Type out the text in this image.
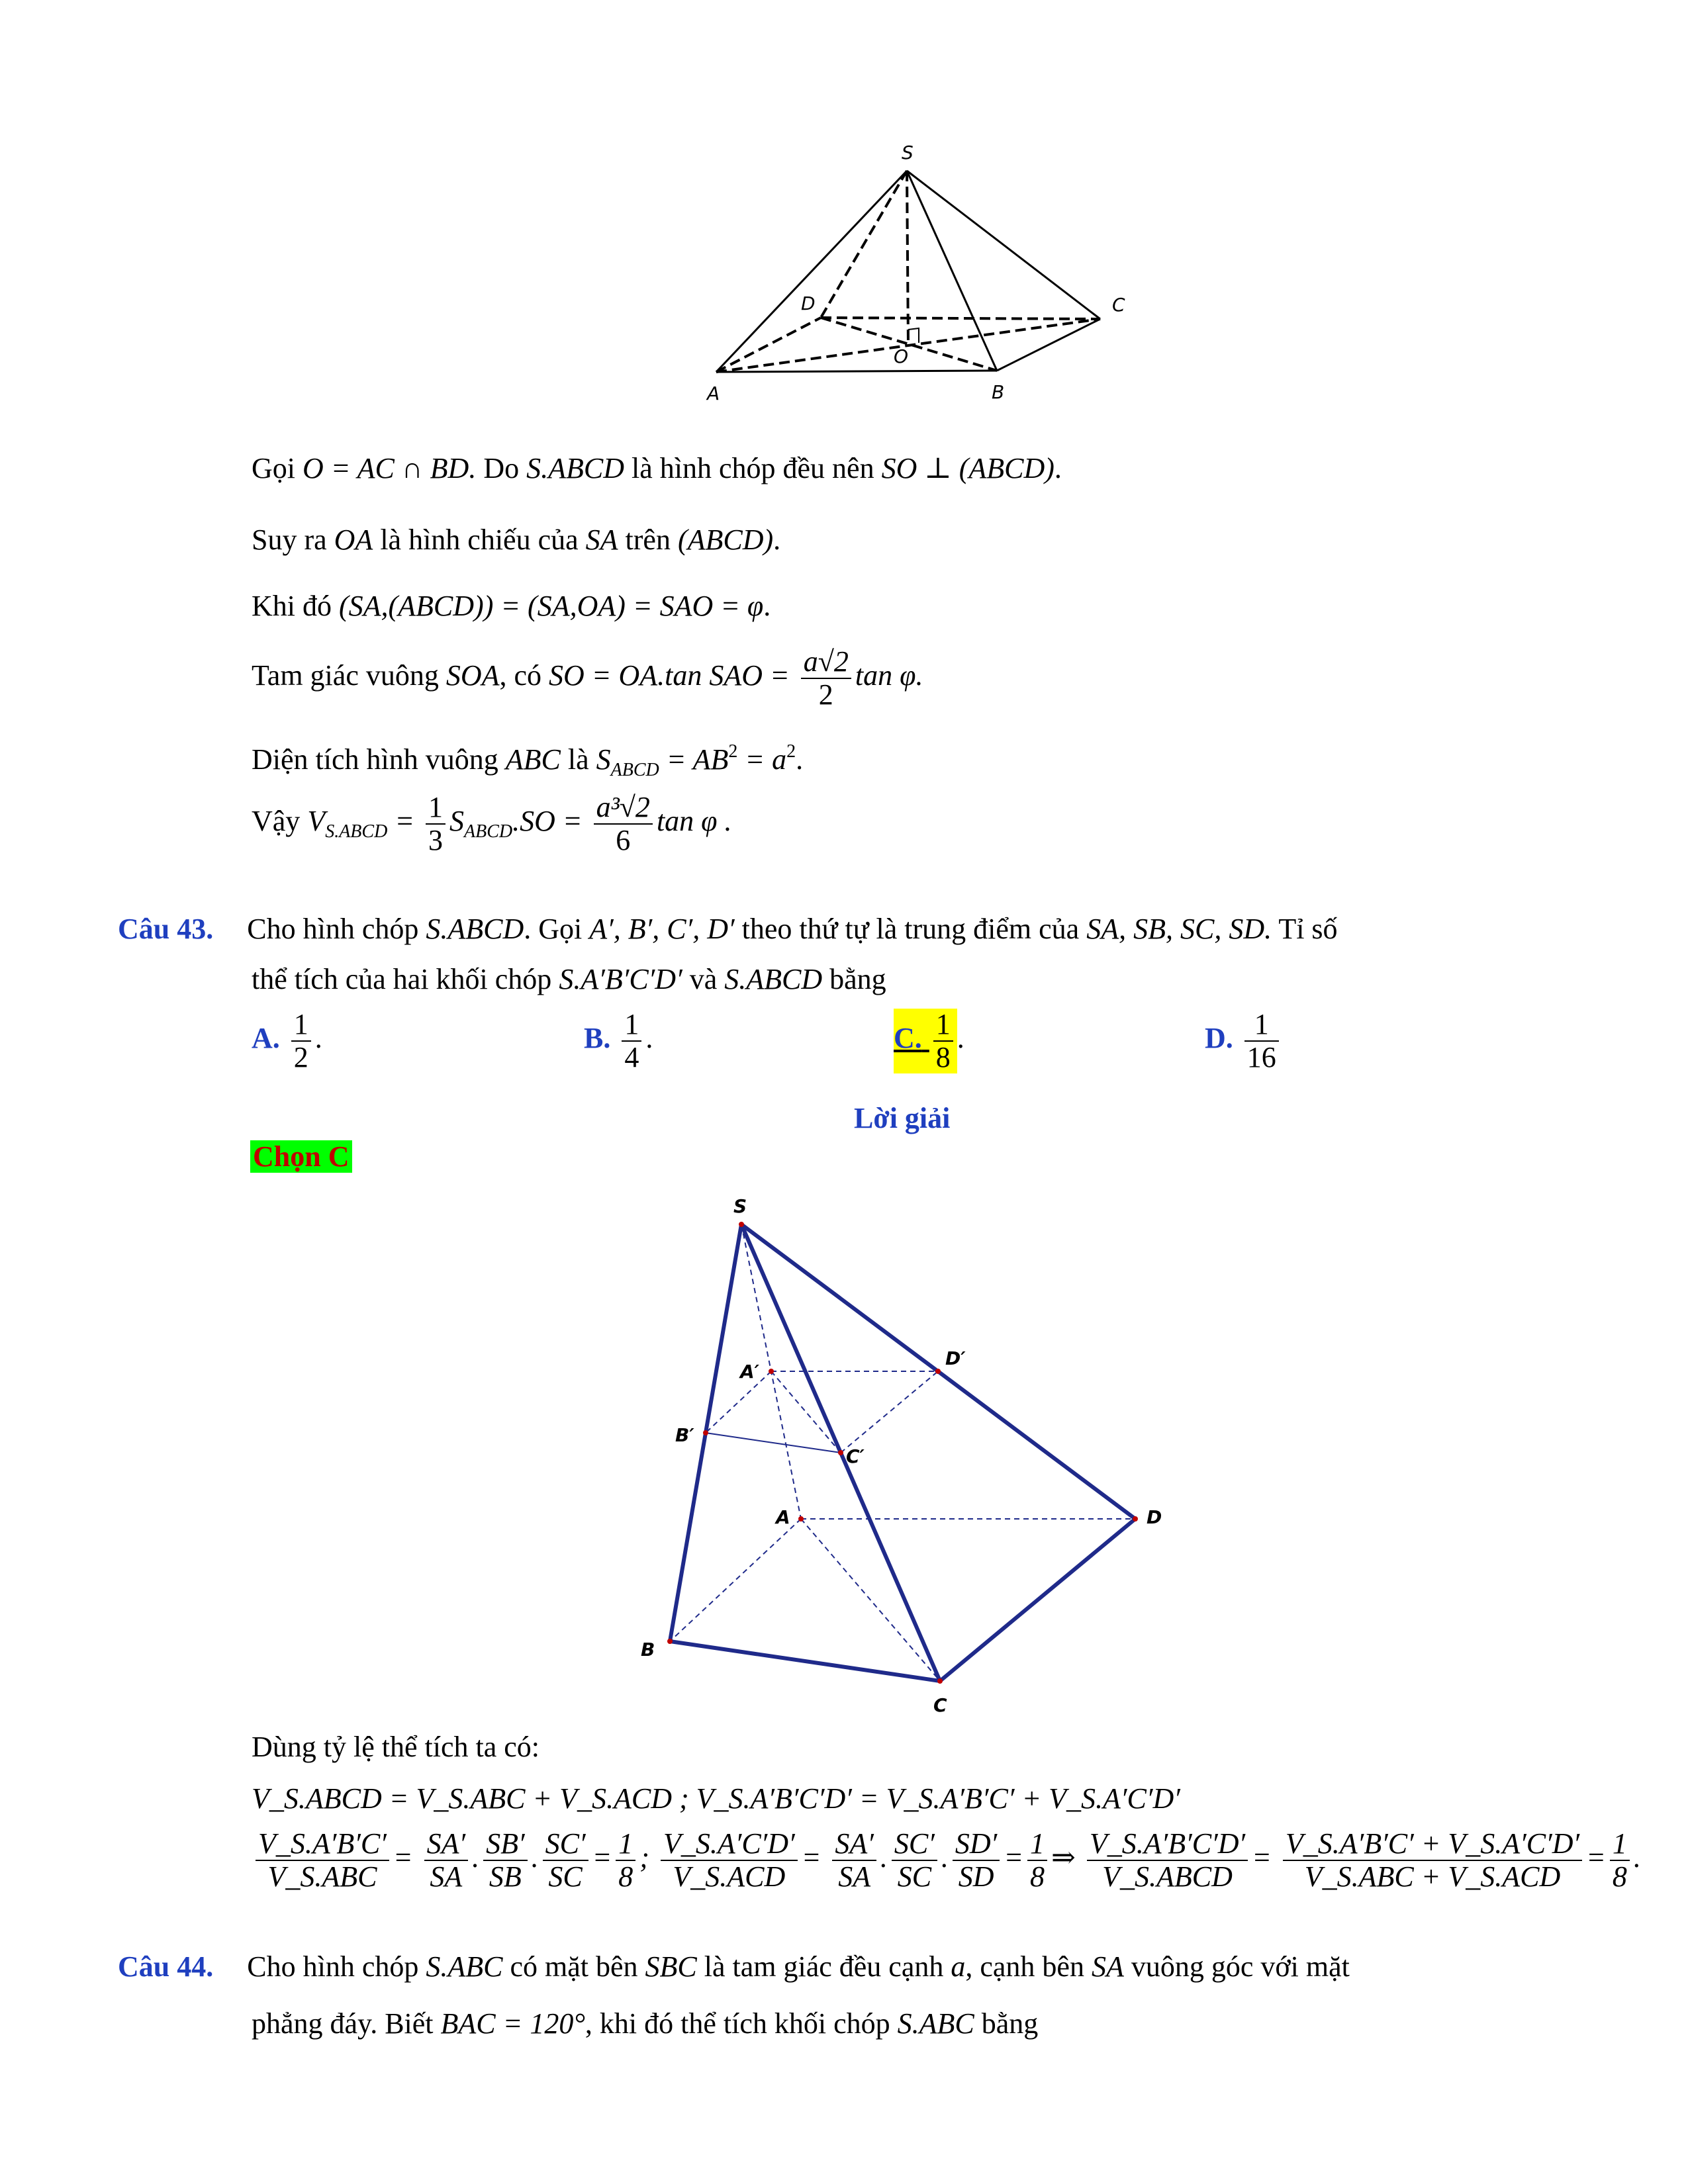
S
D	C
O
A	B
Gọi O = AC ∩ BD. Do S.ABCD là hình chóp đều nên SO ⊥ (ABCD).
Suy ra OA là hình chiếu của SA trên (ABCD).
Khi đó (SA,(ABCD)) = (SA,OA) = SAO = φ.
Tam giác vuông SOA, có SO = OA.tan SAO = $\frac{a√2}{2}$ tan φ.
Diện tích hình vuông ABC là $S_{ABCD} = AB^2 = a^2$.
Vậy $V_{S.ABCD} = \frac{1}{3} S_{ABCD}.SO = \frac{\text{a³√2}}{6}$ tan φ .
Câu 43. Cho hình chóp S.ABCD. Gọi A′, B′, C′, D′ theo thứ tự là trung điểm của SA, SB, SC, SD. Tỉ số
thể tích của hai khối chóp S.A′B′C′D′ và S.ABCD bằng
A. $\frac{1}{2}$ .	B. $\frac{1}{4}$ .	C. $\frac{1}{8}$ .	D. $\frac{1}{16}$
Lời giải
Chọn C
S
A′
D′
B′
C′
A	D
B
C
Dùng tỷ lệ thể tích ta có:
V_S.ABCD = V_S.ABC + V_S.ACD ; V_S.A′B′C′D′ = V_S.A′B′C′ + V_S.A′C′D′
$\frac{V\_S.A'B'C'}{\text{V\_S.ABC}} = \frac{SA'}{SA}$ . $\frac{SB'}{SB}$ . $\frac{SC'}{SC} = \frac{1}{8}$ ; $\frac{V\_S.A'C'D'}{\text{V\_S.ACD}} = \frac{SA'}{SA}$ . $\frac{SC'}{SC}$ . $\frac{SD'}{SD} = \frac{1}{8}$ ⇒ $\frac{V\_S.A'B'C'D'}{\text{V\_S.ABCD}} = \frac{V\_S.A'B'C' + V\_S.A'C'D'}{\text{V\_S.ABC + V\_S.ACD}} = \frac{1}{8}$ .
Câu 44. Cho hình chóp S.ABC có mặt bên SBC là tam giác đều cạnh a, cạnh bên SA vuông góc với mặt
phẳng đáy. Biết BAC = 120°, khi đó thể tích khối chóp S.ABC bằng
